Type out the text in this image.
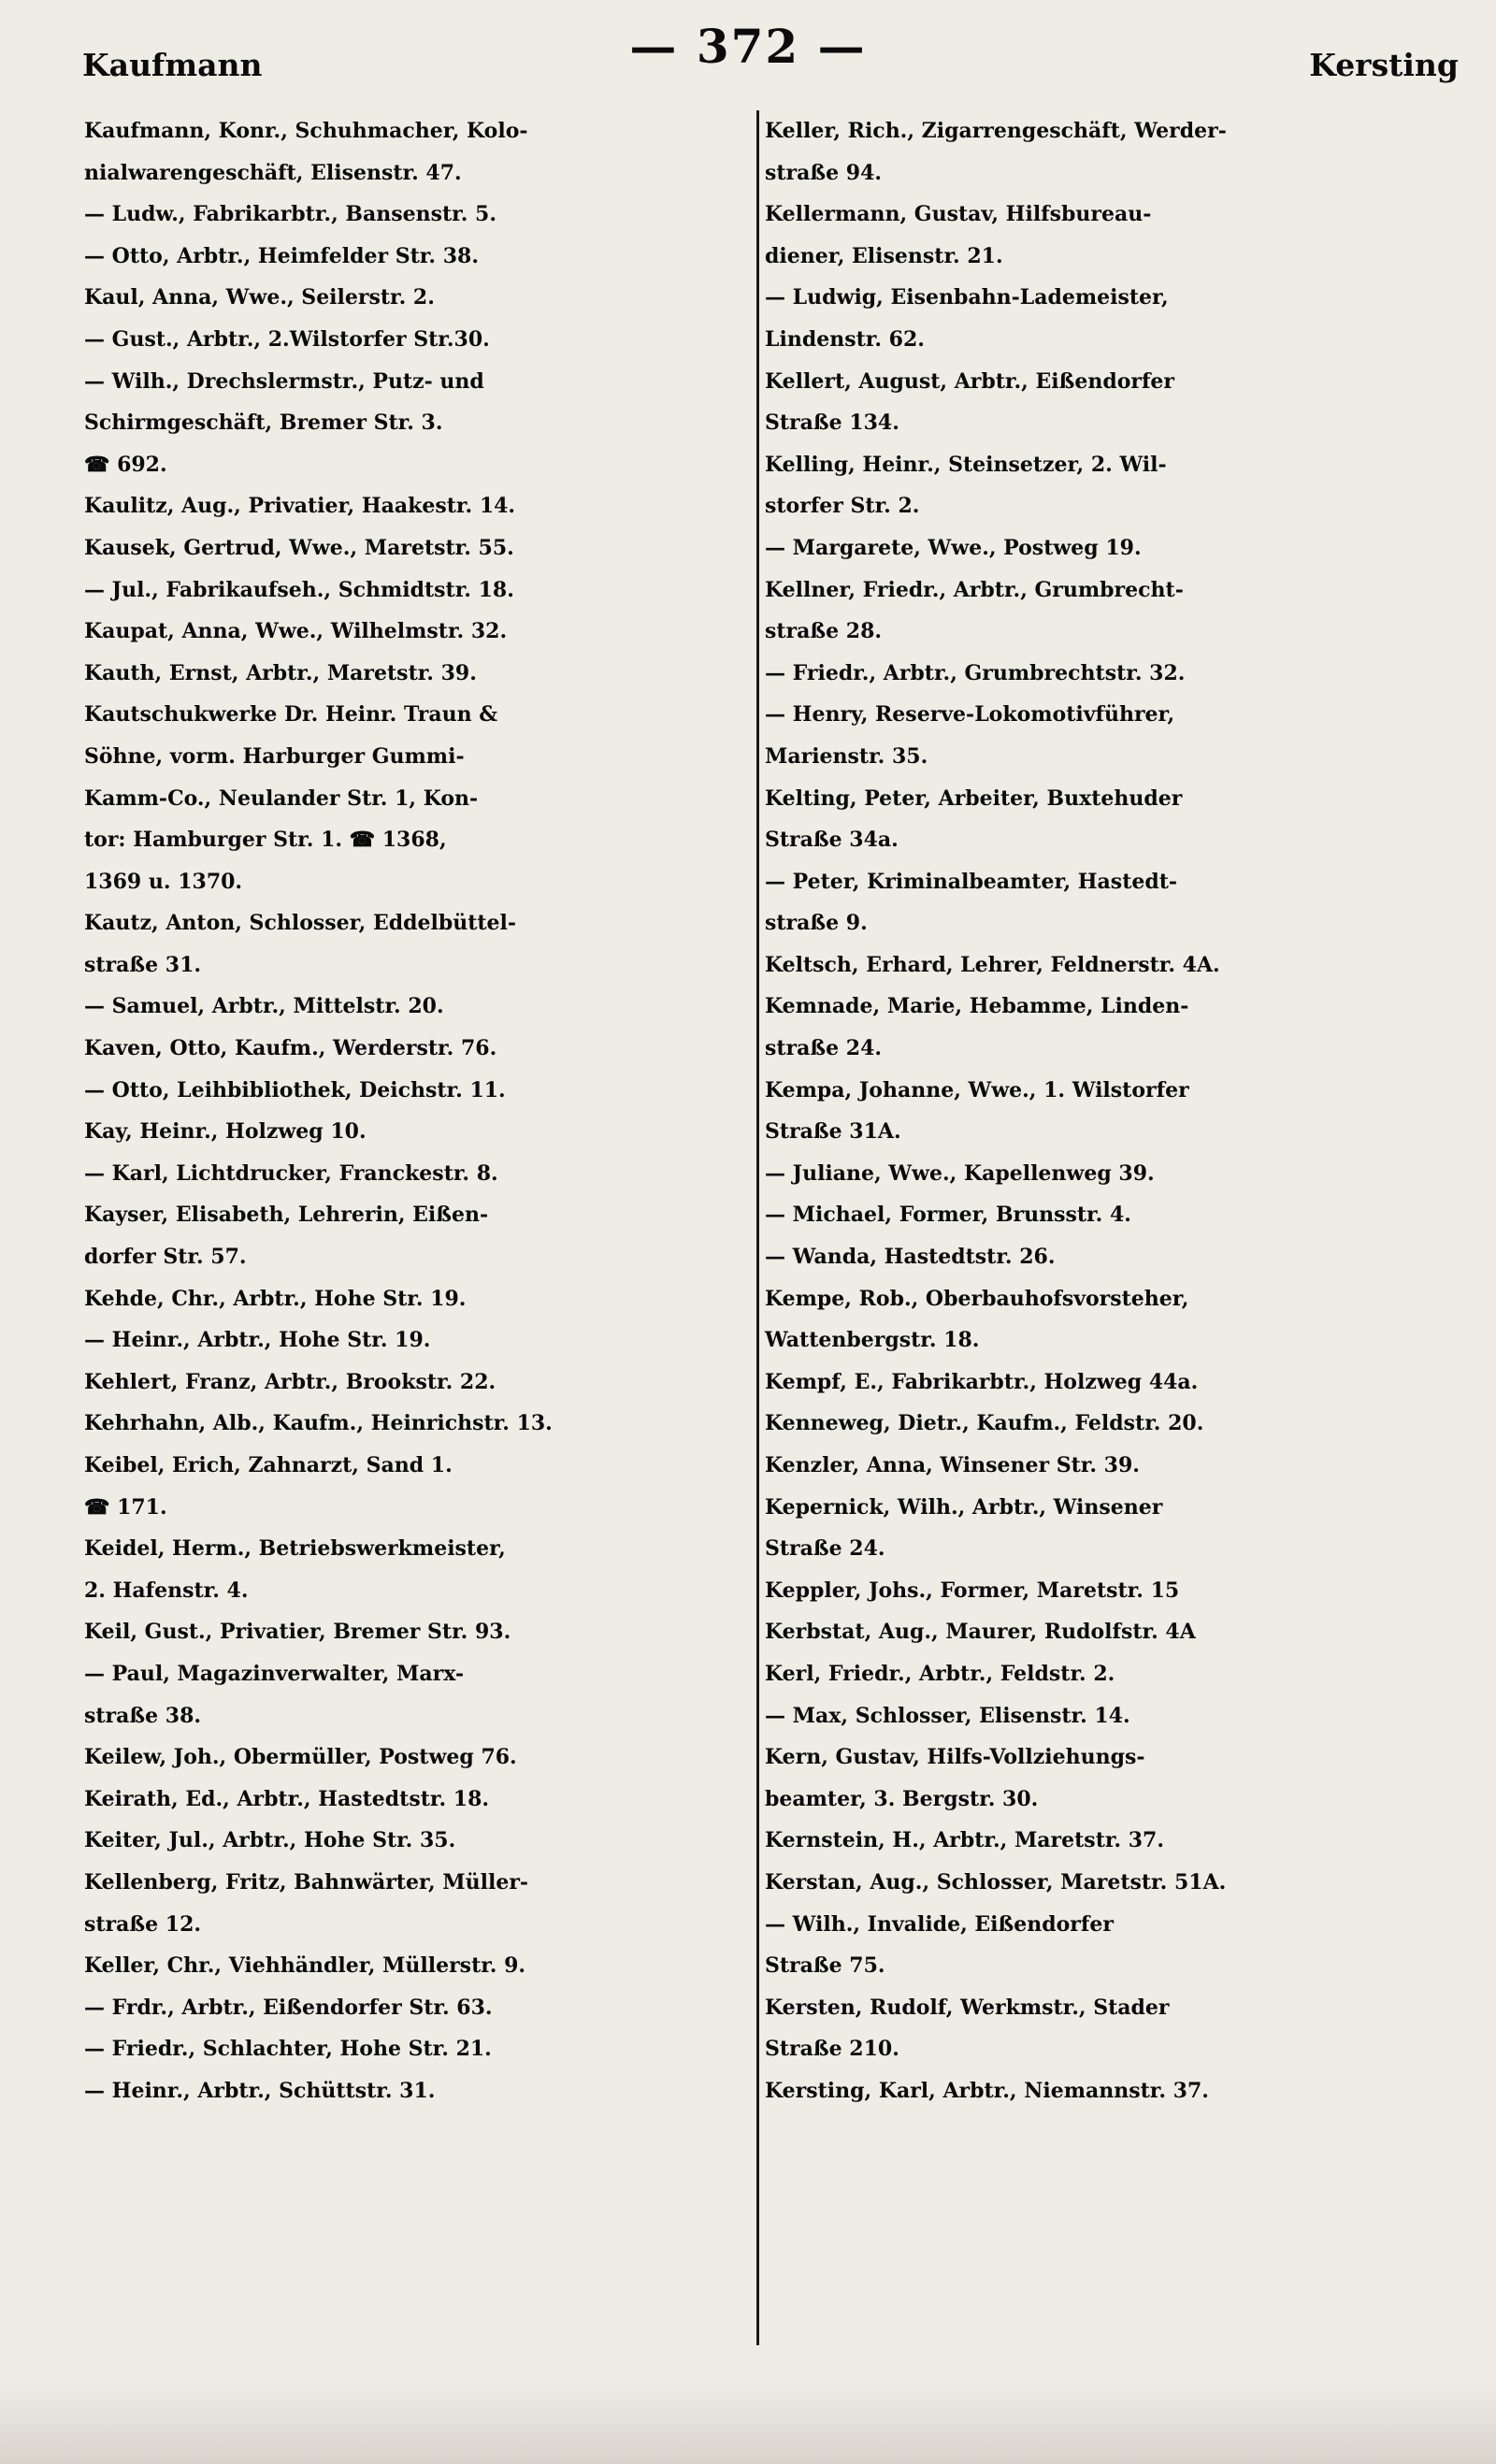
Kaufmann	— 372 —	Kersting
Kaufmann, Konr., Schuhmacher, Kolo-
nialwarengeschäft, Elisenstr. 47.
— Ludw., Fabrikarbtr., Bansenstr. 5.
— Otto, Arbtr., Heimfelder Str. 38.
Kaul, Anna, Wwe., Seilerstr. 2.
— Gust., Arbtr., 2.Wilstorfer Str.30.
— Wilh., Drechslermstr., Putz- und
Schirmgeschäft, Bremer Str. 3.
☎ 692.
Kaulitz, Aug., Privatier, Haakestr. 14.
Kausek, Gertrud, Wwe., Maretstr. 55.
— Jul., Fabrikaufseh., Schmidtstr. 18.
Kaupat, Anna, Wwe., Wilhelmstr. 32.
Kauth, Ernst, Arbtr., Maretstr. 39.
Kautschukwerke Dr. Heinr. Traun &
Söhne, vorm. Harburger Gummi-
Kamm-Co., Neulander Str. 1, Kon-
tor: Hamburger Str. 1. ☎ 1368,
1369 u. 1370.
Kautz, Anton, Schlosser, Eddelbüttel-
straße 31.
— Samuel, Arbtr., Mittelstr. 20.
Kaven, Otto, Kaufm., Werderstr. 76.
— Otto, Leihbibliothek, Deichstr. 11.
Kay, Heinr., Holzweg 10.
— Karl, Lichtdrucker, Franckestr. 8.
Kayser, Elisabeth, Lehrerin, Eißen-
dorfer Str. 57.
Kehde, Chr., Arbtr., Hohe Str. 19.
— Heinr., Arbtr., Hohe Str. 19.
Kehlert, Franz, Arbtr., Brookstr. 22.
Kehrhahn, Alb., Kaufm., Heinrichstr. 13.
Keibel, Erich, Zahnarzt, Sand 1.
☎ 171.
Keidel, Herm., Betriebswerkmeister,
2. Hafenstr. 4.
Keil, Gust., Privatier, Bremer Str. 93.
— Paul, Magazinverwalter, Marx-
straße 38.
Keilew, Joh., Obermüller, Postweg 76.
Keirath, Ed., Arbtr., Hastedtstr. 18.
Keiter, Jul., Arbtr., Hohe Str. 35.
Kellenberg, Fritz, Bahnwärter, Müller-
straße 12.
Keller, Chr., Viehhändler, Müllerstr. 9.
— Frdr., Arbtr., Eißendorfer Str. 63.
— Friedr., Schlachter, Hohe Str. 21.
— Heinr., Arbtr., Schüttstr. 31.
Keller, Rich., Zigarrengeschäft, Werder-
straße 94.
Kellermann, Gustav, Hilfsbureau-
diener, Elisenstr. 21.
— Ludwig, Eisenbahn-Lademeister,
Lindenstr. 62.
Kellert, August, Arbtr., Eißendorfer
Straße 134.
Kelling, Heinr., Steinsetzer, 2. Wil-
storfer Str. 2.
— Margarete, Wwe., Postweg 19.
Kellner, Friedr., Arbtr., Grumbrecht-
straße 28.
— Friedr., Arbtr., Grumbrechtstr. 32.
— Henry, Reserve-Lokomotivführer,
Marienstr. 35.
Kelting, Peter, Arbeiter, Buxtehuder
Straße 34a.
— Peter, Kriminalbeamter, Hastedt-
straße 9.
Keltsch, Erhard, Lehrer, Feldnerstr. 4A.
Kemnade, Marie, Hebamme, Linden-
straße 24.
Kempa, Johanne, Wwe., 1. Wilstorfer
Straße 31A.
— Juliane, Wwe., Kapellenweg 39.
— Michael, Former, Brunsstr. 4.
— Wanda, Hastedtstr. 26.
Kempe, Rob., Oberbauhofsvorsteher,
Wattenbergstr. 18.
Kempf, E., Fabrikarbtr., Holzweg 44a.
Kenneweg, Dietr., Kaufm., Feldstr. 20.
Kenzler, Anna, Winsener Str. 39.
Kepernick, Wilh., Arbtr., Winsener
Straße 24.
Keppler, Johs., Former, Maretstr. 15
Kerbstat, Aug., Maurer, Rudolfstr. 4A
Kerl, Friedr., Arbtr., Feldstr. 2.
— Max, Schlosser, Elisenstr. 14.
Kern, Gustav, Hilfs-Vollziehungs-
beamter, 3. Bergstr. 30.
Kernstein, H., Arbtr., Maretstr. 37.
Kerstan, Aug., Schlosser, Maretstr. 51A.
— Wilh., Invalide, Eißendorfer
Straße 75.
Kersten, Rudolf, Werkmstr., Stader
Straße 210.
Kersting, Karl, Arbtr., Niemannstr. 37.
